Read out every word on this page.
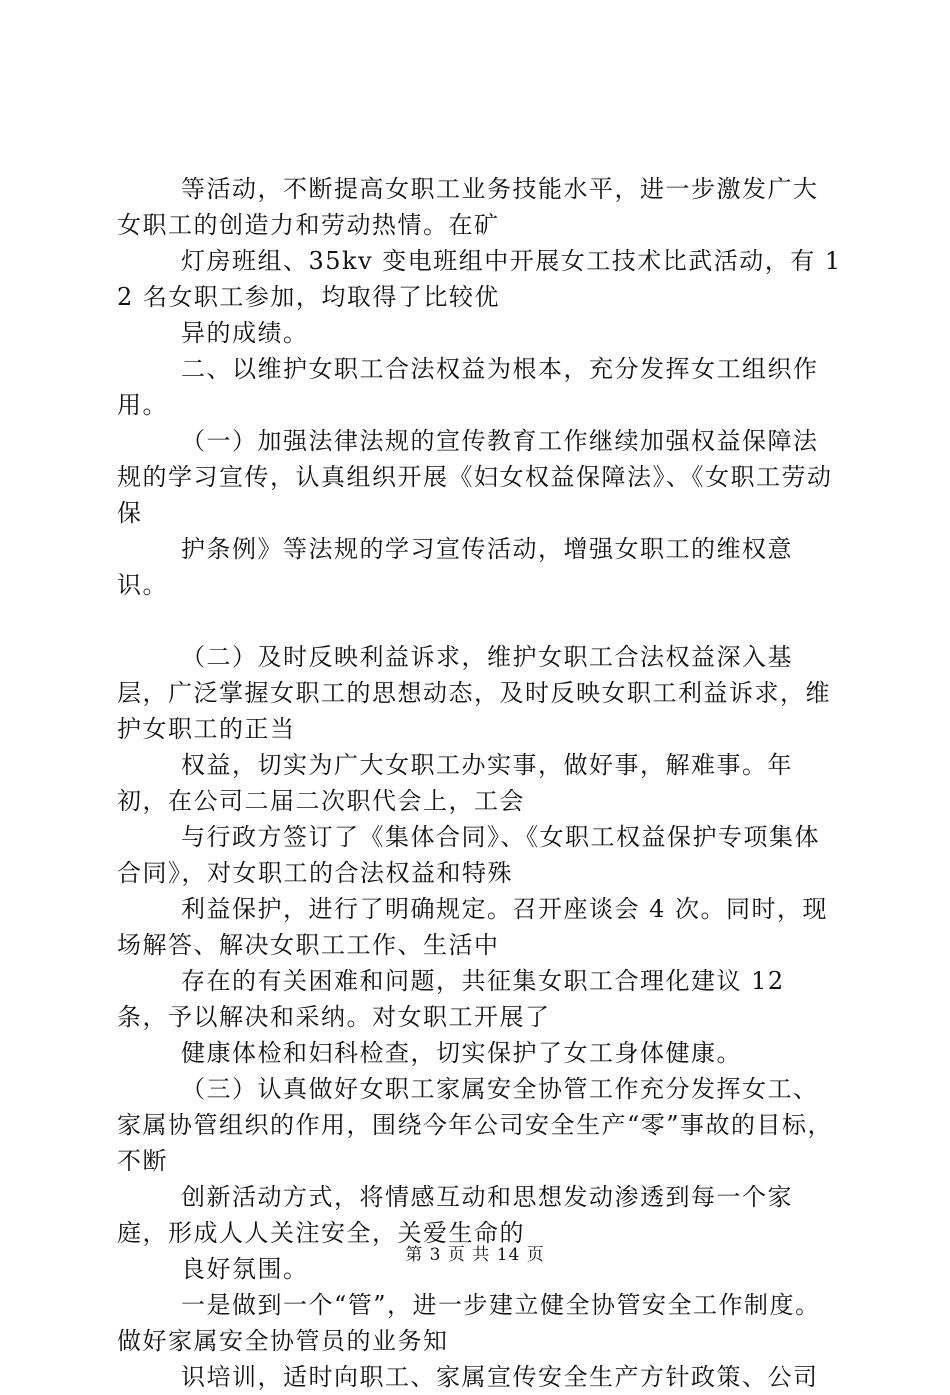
等活动，不断提高女职工业务技能水平，进一步激发广大女职工的创造力和劳动热情。在矿

灯房班组、35kv 变电班组中开展女工技术比武活动，有 12 名女职工参加，均取得了比较优

异的成绩。

二、以维护女职工合法权益为根本，充分发挥女工组织作用。

（一）加强法律法规的宣传教育工作继续加强权益保障法规的学习宣传，认真组织开展《妇女权益保障法》、《女职工劳动保

护条例》等法规的学习宣传活动，增强女职工的维权意识。

（二）及时反映利益诉求，维护女职工合法权益深入基层，广泛掌握女职工的思想动态，及时反映女职工利益诉求，维护女职工的正当

权益，切实为广大女职工办实事，做好事，解难事。年初，在公司二届二次职代会上，工会

与行政方签订了《集体合同》、《女职工权益保护专项集体合同》，对女职工的合法权益和特殊

利益保护，进行了明确规定。召开座谈会 4 次。同时，现场解答、解决女职工工作、生活中

存在的有关困难和问题，共征集女职工合理化建议 12 条，予以解决和采纳。对女职工开展了

健康体检和妇科检查，切实保护了女工身体健康。

（三）认真做好女职工家属安全协管工作充分发挥女工、家属协管组织的作用，围绕今年公司安全生产“零”事故的目标，不断

创新活动方式，将情感互动和思想发动渗透到每一个家庭，形成人人关注安全，关爱生命的

良好氛围。

一是做到一个“管”，进一步建立健全协管安全工作制度。做好家属安全协管员的业务知

识培训，适时向职工、家属宣传安全生产方针政策、公司

第 3 页 共 14 页
